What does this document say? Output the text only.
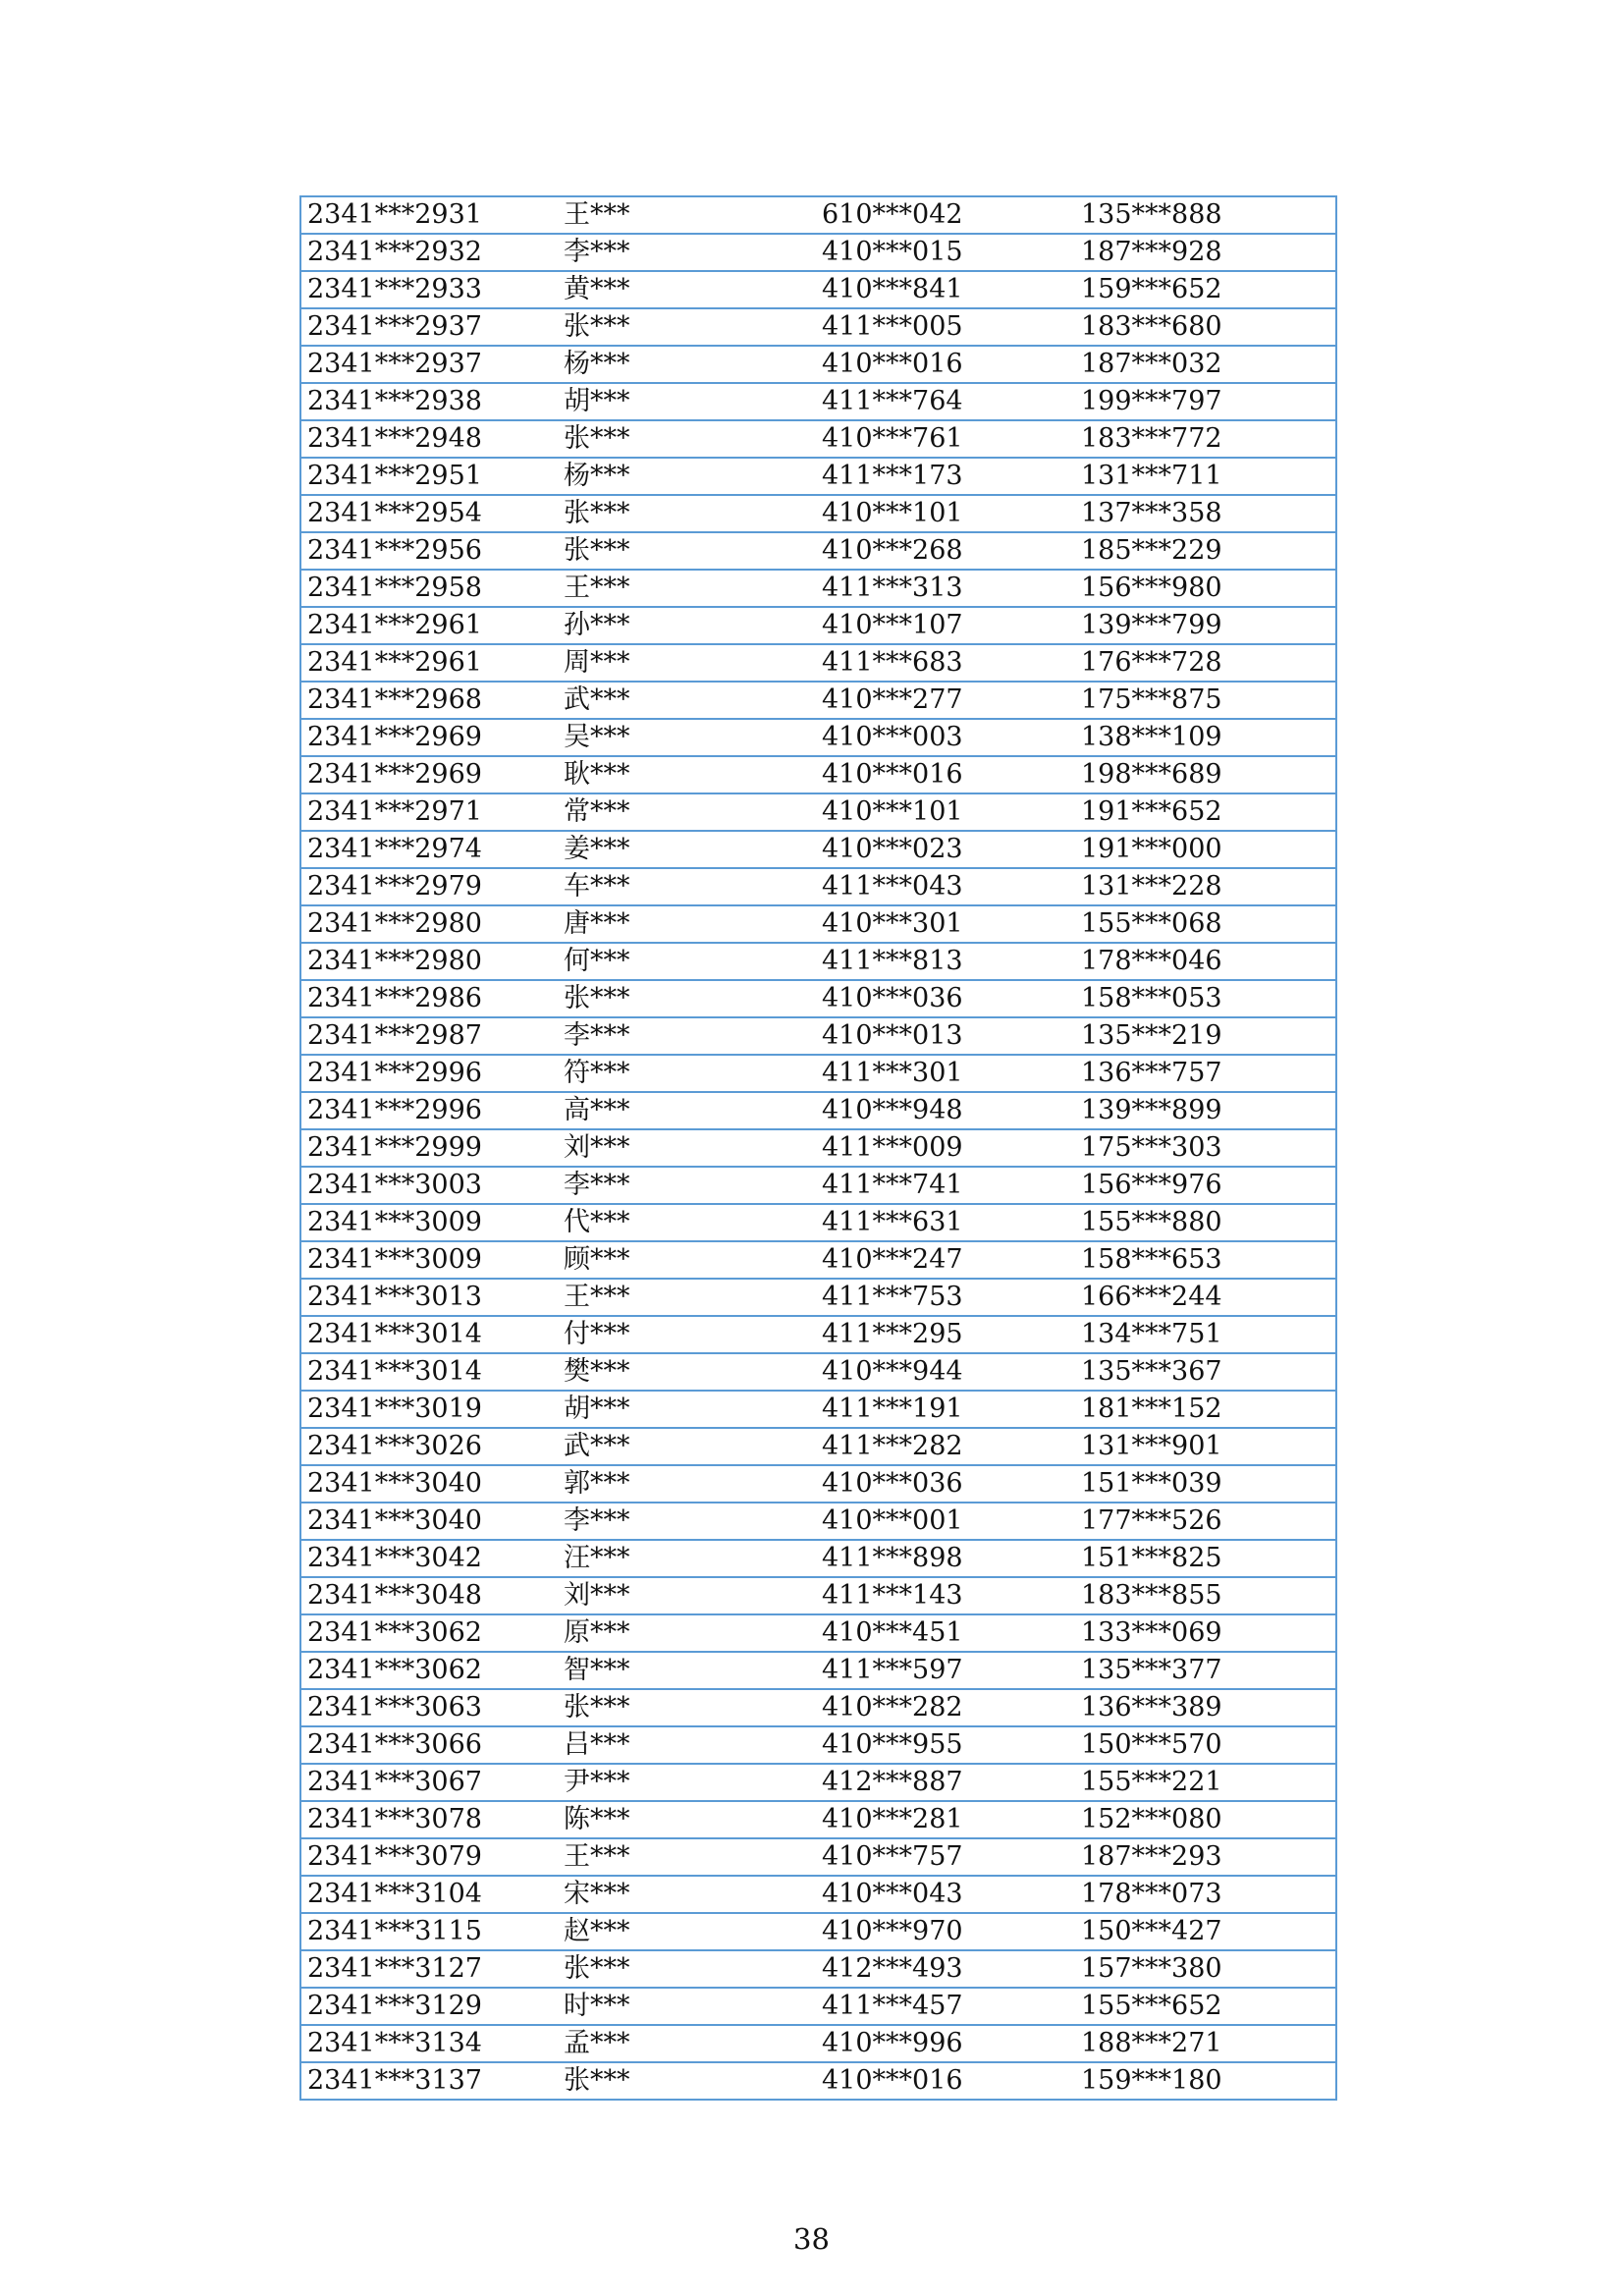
2341***2931	王***	610***042	135***888
2341***2932	李***	410***015	187***928
2341***2933	黄***	410***841	159***652
2341***2937	张***	411***005	183***680
2341***2937	杨***	410***016	187***032
2341***2938	胡***	411***764	199***797
2341***2948	张***	410***761	183***772
2341***2951	杨***	411***173	131***711
2341***2954	张***	410***101	137***358
2341***2956	张***	410***268	185***229
2341***2958	王***	411***313	156***980
2341***2961	孙***	410***107	139***799
2341***2961	周***	411***683	176***728
2341***2968	武***	410***277	175***875
2341***2969	吴***	410***003	138***109
2341***2969	耿***	410***016	198***689
2341***2971	常***	410***101	191***652
2341***2974	姜***	410***023	191***000
2341***2979	车***	411***043	131***228
2341***2980	唐***	410***301	155***068
2341***2980	何***	411***813	178***046
2341***2986	张***	410***036	158***053
2341***2987	李***	410***013	135***219
2341***2996	符***	411***301	136***757
2341***2996	高***	410***948	139***899
2341***2999	刘***	411***009	175***303
2341***3003	李***	411***741	156***976
2341***3009	代***	411***631	155***880
2341***3009	顾***	410***247	158***653
2341***3013	王***	411***753	166***244
2341***3014	付***	411***295	134***751
2341***3014	樊***	410***944	135***367
2341***3019	胡***	411***191	181***152
2341***3026	武***	411***282	131***901
2341***3040	郭***	410***036	151***039
2341***3040	李***	410***001	177***526
2341***3042	汪***	411***898	151***825
2341***3048	刘***	411***143	183***855
2341***3062	原***	410***451	133***069
2341***3062	智***	411***597	135***377
2341***3063	张***	410***282	136***389
2341***3066	吕***	410***955	150***570
2341***3067	尹***	412***887	155***221
2341***3078	陈***	410***281	152***080
2341***3079	王***	410***757	187***293
2341***3104	宋***	410***043	178***073
2341***3115	赵***	410***970	150***427
2341***3127	张***	412***493	157***380
2341***3129	时***	411***457	155***652
2341***3134	孟***	410***996	188***271
2341***3137	张***	410***016	159***180
38
